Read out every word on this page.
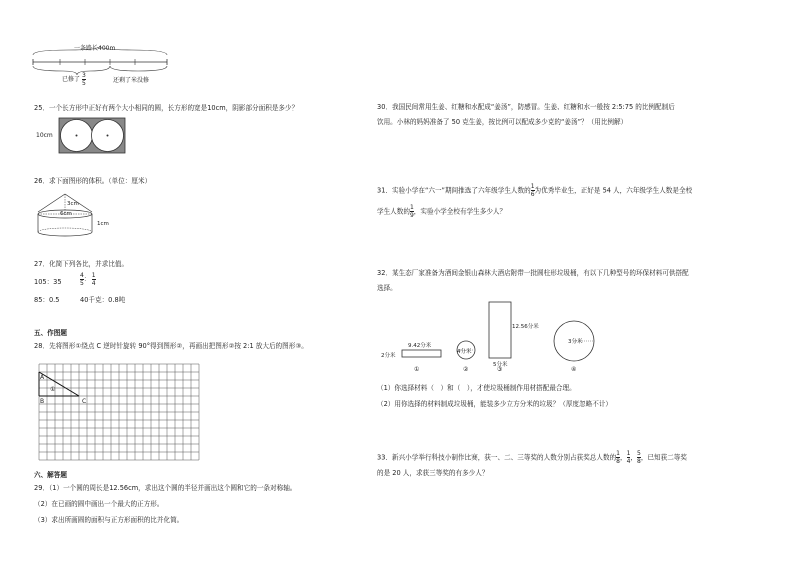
一条路长400m
已修了 $\frac{3}{5}$	还剩了米没修
25．一个长方形中正好有两个大小相同的圆，长方形的宽是10cm，阴影部分面积是多少？
10cm
26．求下面图形的体积。（单位：厘米）
3cm
6cm
1cm
27．化简下列各比，并求比值。
105：35	$\frac{4}{5}$ ： $\frac{1}{4}$
85：0.5	40千克：0.8吨
五、作图题
28．先将图形①绕点 C 逆时针旋转 90°得到图形②，再画出把图形②按 2:1 放大后的图形③。
A
B	C
①
六、解答题
29．（1）一个圆的周长是12.56cm，求出这个圆的半径并画出这个圆和它的一条对称轴。
（2）在已画的圆中画出一个最大的正方形。
（3）求出所画圆的面积与正方形面积的比并化简。
30．我国民间常用生姜、红糖和水配成“姜汤”，防感冒。生姜、红糖和水一般按 2:5:75 的比例配制后
饮用。小林的妈妈准备了 50 克生姜，按比例可以配成多少克的“姜汤”？（用比例解）
31．实验小学在“六一”期间推选了六年级学生人数的 $\frac{1}{6}$ 为优秀毕业生，正好是 54 人，六年级学生人数是全校
学生人数的 $\frac{1}{9}$ ，实验小学全校有学生多少人？
32．某生态厂家准备为酒间金银山森林大酒店附带一批圆柱形垃圾桶，有以下几种型号的环保材料可供搭配
选择。
9.42分米
2分米
4分米
12.56分米
5分米
3分米
①	②	③	④
（1）你选择材料（　）和（　），才使垃圾桶制作用材搭配最合理。
（2）用你选择的材料制成垃圾桶，能装多少立方分米的垃圾？（厚度忽略不计）
33．新兴小学举行科技小制作比赛，获一、二、三等奖的人数分别占获奖总人数的 $\frac{1}{8}$ ， $\frac{1}{4}$ ， $\frac{5}{8}$ ，已知获二等奖
的是 20 人，求获三等奖的有多少人？
